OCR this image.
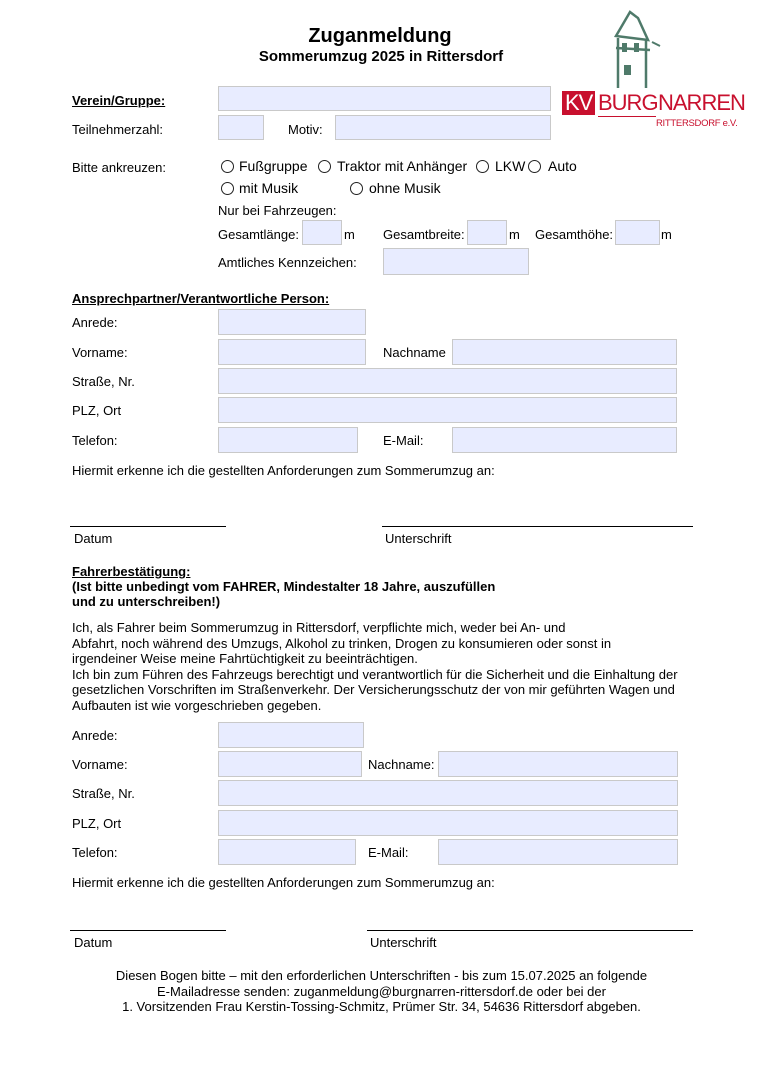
Zuganmeldung
Sommerumzug 2025 in Rittersdorf
KV BURG NARREN
RITTERSDORF e.V.
Verein/Gruppe:
Teilnehmerzahl:	Motiv:
Bitte ankreuzen:	Fußgruppe Traktor mit Anhänger LKW Auto
mit Musik	ohne Musik
Nur bei Fahrzeugen:
Gesamtlänge:	m Gesamtbreite:	m Gesamthöhe:	m
Amtliches Kennzeichen:
Ansprechpartner/Verantwortliche Person:
Anrede:
Vorname:	Nachname
Straße, Nr.
PLZ, Ort
Telefon:	E-Mail:
Hiermit erkenne ich die gestellten Anforderungen zum Sommerumzug an:
Datum	Unterschrift
Fahrerbestätigung:
(Ist bitte unbedingt vom FAHRER, Mindestalter 18 Jahre, auszufüllen
und zu unterschreiben!)
Ich, als Fahrer beim Sommerumzug in Rittersdorf, verpflichte mich, weder bei An- und
Abfahrt, noch während des Umzugs, Alkohol zu trinken, Drogen zu konsumieren oder sonst in
irgendeiner Weise meine Fahrtüchtigkeit zu beeinträchtigen.
Ich bin zum Führen des Fahrzeugs berechtigt und verantwortlich für die Sicherheit und die Einhaltung der
gesetzlichen Vorschriften im Straßenverkehr. Der Versicherungsschutz der von mir geführten Wagen und
Aufbauten ist wie vorgeschrieben gegeben.
Anrede:
Vorname:	Nachname:
Straße, Nr.
PLZ, Ort
Telefon:	E-Mail:
Hiermit erkenne ich die gestellten Anforderungen zum Sommerumzug an:
Datum	Unterschrift
Diesen Bogen bitte – mit den erforderlichen Unterschriften - bis zum 15.07.2025 an folgende
E-Mailadresse senden: zuganmeldung@burgnarren-rittersdorf.de oder bei der
1. Vorsitzenden Frau Kerstin-Tossing-Schmitz, Prümer Str. 34, 54636 Rittersdorf abgeben.
